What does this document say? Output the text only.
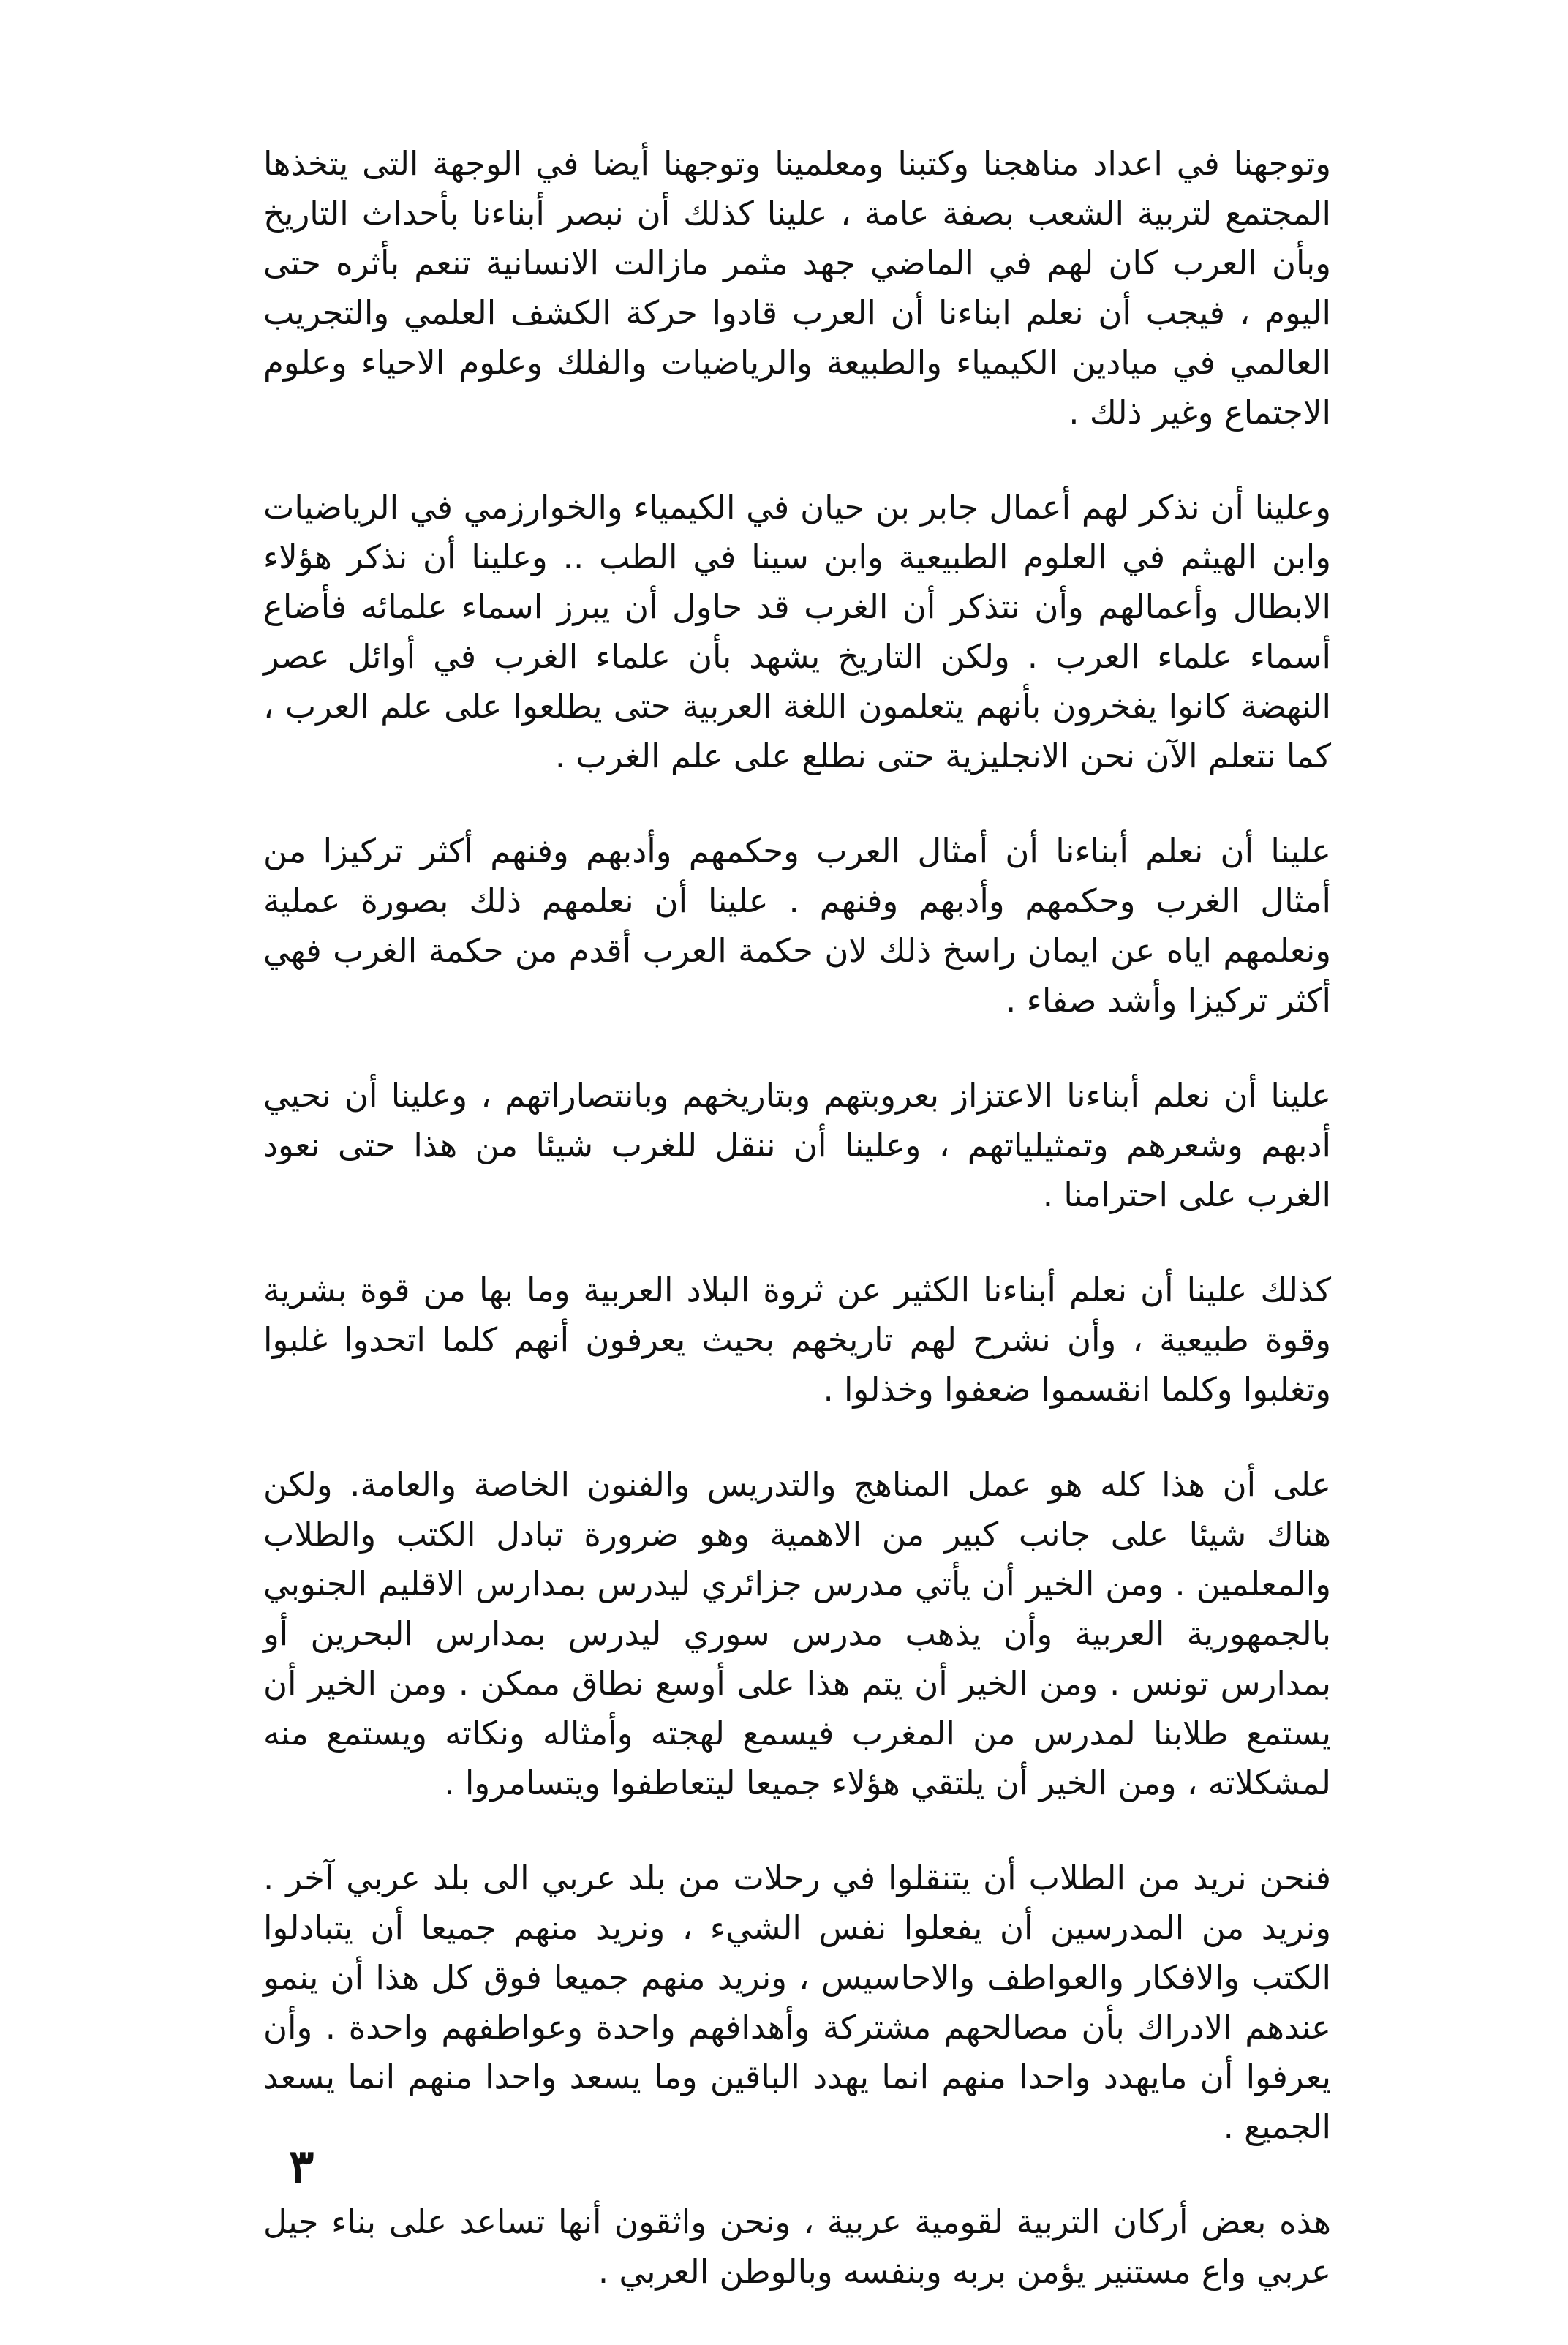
وتوجهنا في اعداد مناهجنا وكتبنا ومعلمينا وتوجهنا أيضا في الوجهة التى يتخذها المجتمع لتربية الشعب بصفة عامة ، علينا كذلك أن نبصر أبناءنا بأحداث التاريخ وبأن العرب كان لهم في الماضي جهد مثمر مازالت الانسانية تنعم بأثره حتى اليوم ، فيجب أن نعلم ابناءنا أن العرب قادوا حركة الكشف العلمي والتجريب العالمي في ميادين الكيمياء والطبيعة والرياضيات والفلك وعلوم الاحياء وعلوم الاجتماع وغير ذلك .

وعلينا أن نذكر لهم أعمال جابر بن حيان في الكيمياء والخوارزمي في الرياضيات وابن الهيثم في العلوم الطبيعية وابن سينا في الطب .. وعلينا أن نذكر هؤلاء الابطال وأعمالهم وأن نتذكر أن الغرب قد حاول أن يبرز اسماء علمائه فأضاع أسماء علماء العرب . ولكن التاريخ يشهد بأن علماء الغرب في أوائل عصر النهضة كانوا يفخرون بأنهم يتعلمون اللغة العربية حتى يطلعوا على علم العرب ، كما نتعلم الآن نحن الانجليزية حتى نطلع على علم الغرب .

علينا أن نعلم أبناءنا أن أمثال العرب وحكمهم وأدبهم وفنهم أكثر تركيزا من أمثال الغرب وحكمهم وأدبهم وفنهم . علينا أن نعلمهم ذلك بصورة عملية ونعلمهم اياه عن ايمان راسخ ذلك لان حكمة العرب أقدم من حكمة الغرب فهي أكثر تركيزا وأشد صفاء .

علينا أن نعلم أبناءنا الاعتزاز بعروبتهم وبتاريخهم وبانتصاراتهم ، وعلينا أن نحيي أدبهم وشعرهم وتمثيلياتهم ، وعلينا أن ننقل للغرب شيئا من هذا حتى نعود الغرب على احترامنا .

كذلك علينا أن نعلم أبناءنا الكثير عن ثروة البلاد العربية وما بها من قوة بشرية وقوة طبيعية ، وأن نشرح لهم تاريخهم بحيث يعرفون أنهم كلما اتحدوا غلبوا وتغلبوا وكلما انقسموا ضعفوا وخذلوا .

على أن هذا كله هو عمل المناهج والتدريس والفنون الخاصة والعامة. ولكن هناك شيئا على جانب كبير من الاهمية وهو ضرورة تبادل الكتب والطلاب والمعلمين . ومن الخير أن يأتي مدرس جزائري ليدرس بمدارس الاقليم الجنوبي بالجمهورية العربية وأن يذهب مدرس سوري ليدرس بمدارس البحرين أو بمدارس تونس . ومن الخير أن يتم هذا على أوسع نطاق ممكن . ومن الخير أن يستمع طلابنا لمدرس من المغرب فيسمع لهجته وأمثاله ونكاته ويستمع منه لمشكلاته ، ومن الخير أن يلتقي هؤلاء جميعا ليتعاطفوا ويتسامروا .

فنحن نريد من الطلاب أن يتنقلوا في رحلات من بلد عربي الى بلد عربي آخر . ونريد من المدرسين أن يفعلوا نفس الشيء ، ونريد منهم جميعا أن يتبادلوا الكتب والافكار والعواطف والاحاسيس ، ونريد منهم جميعا فوق كل هذا أن ينمو عندهم الادراك بأن مصالحهم مشتركة وأهدافهم واحدة وعواطفهم واحدة . وأن يعرفوا أن مايهدد واحدا منهم انما يهدد الباقين وما يسعد واحدا منهم انما يسعد الجميع .

هذه بعض أركان التربية لقومية عربية ، ونحن واثقون أنها تساعد على بناء جيل عربي واع مستنير يؤمن بربه وبنفسه وبالوطن العربي .

٣
